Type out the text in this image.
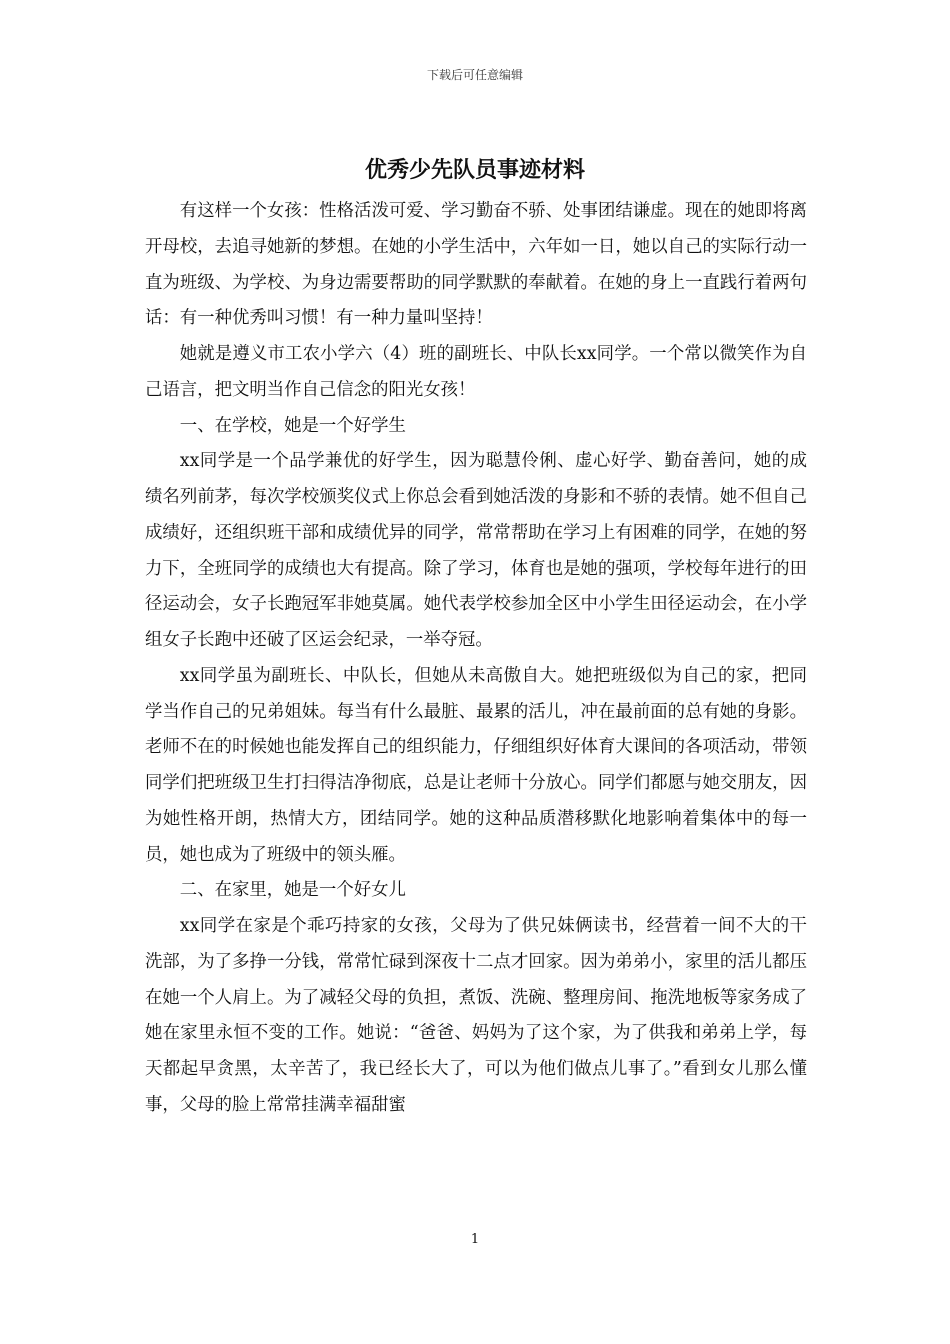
下载后可任意编辑
优秀少先队员事迹材料

有这样一个女孩：性格活泼可爱、学习勤奋不骄、处事团结谦虚。现在的她即将离开母校，去追寻她新的梦想。在她的小学生活中，六年如一日，她以自己的实际行动一直为班级、为学校、为身边需要帮助的同学默默的奉献着。在她的身上一直践行着两句话：有一种优秀叫习惯！有一种力量叫坚持！

她就是遵义市工农小学六（4）班的副班长、中队长xx同学。一个常以微笑作为自己语言，把文明当作自己信念的阳光女孩！

一、在学校，她是一个好学生

xx同学是一个品学兼优的好学生，因为聪慧伶俐、虚心好学、勤奋善问，她的成绩名列前茅，每次学校颁奖仪式上你总会看到她活泼的身影和不骄的表情。她不但自己成绩好，还组织班干部和成绩优异的同学，常常帮助在学习上有困难的同学，在她的努力下，全班同学的成绩也大有提高。除了学习，体育也是她的强项，学校每年进行的田径运动会，女子长跑冠军非她莫属。她代表学校参加全区中小学生田径运动会，在小学组女子长跑中还破了区运会纪录，一举夺冠。

xx同学虽为副班长、中队长，但她从未高傲自大。她把班级似为自己的家，把同学当作自己的兄弟姐妹。每当有什么最脏、最累的活儿，冲在最前面的总有她的身影。老师不在的时候她也能发挥自己的组织能力，仔细组织好体育大课间的各项活动，带领同学们把班级卫生打扫得洁净彻底，总是让老师十分放心。同学们都愿与她交朋友，因为她性格开朗，热情大方，团结同学。她的这种品质潜移默化地影响着集体中的每一员，她也成为了班级中的领头雁。

二、在家里，她是一个好女儿

xx同学在家是个乖巧持家的女孩，父母为了供兄妹俩读书，经营着一间不大的干洗部，为了多挣一分钱，常常忙碌到深夜十二点才回家。因为弟弟小，家里的活儿都压在她一个人肩上。为了减轻父母的负担，煮饭、洗碗、整理房间、拖洗地板等家务成了她在家里永恒不变的工作。她说：“爸爸、妈妈为了这个家，为了供我和弟弟上学，每天都起早贪黑，太辛苦了，我已经长大了，可以为他们做点儿事了。”看到女儿那么懂事，父母的脸上常常挂满幸福甜蜜

1
